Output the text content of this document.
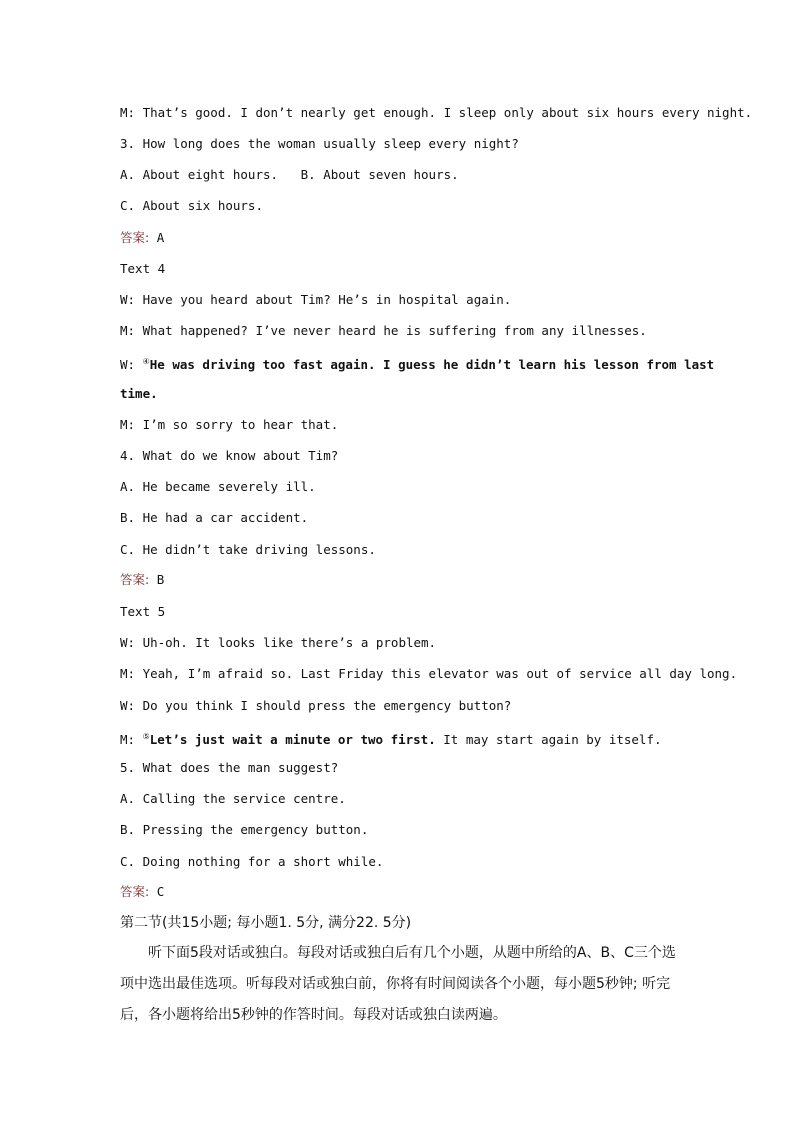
M: That’s good. I don’t nearly get enough. I sleep only about six hours every night.
3. How long does the woman usually sleep every night?
A. About eight hours.   B. About seven hours.
C. About six hours.
答案: A
Text 4
W: Have you heard about Tim? He’s in hospital again.
M: What happened? I’ve never heard he is suffering from any illnesses.
W: ④He was driving too fast again. I guess he didn’t learn his lesson from last
time.
M: I’m so sorry to hear that.
4. What do we know about Tim?
A. He became severely ill.
B. He had a car accident.
C. He didn’t take driving lessons.
答案: B
Text 5
W: Uh-oh. It looks like there’s a problem.
M: Yeah, I’m afraid so. Last Friday this elevator was out of service all day long.
W: Do you think I should press the emergency button?
M: ⑤Let’s just wait a minute or two first. It may start again by itself.
5. What does the man suggest?
A. Calling the service centre.
B. Pressing the emergency button.
C. Doing nothing for a short while.
答案: C
第二节(共15小题; 每小题1. 5分, 满分22. 5分)
听下面5段对话或独白。每段对话或独白后有几个小题，从题中所给的A、B、C三个选项中选出最佳选项。听每段对话或独白前，你将有时间阅读各个小题，每小题5秒钟; 听完后，各小题将给出5秒钟的作答时间。每段对话或独白读两遍。
